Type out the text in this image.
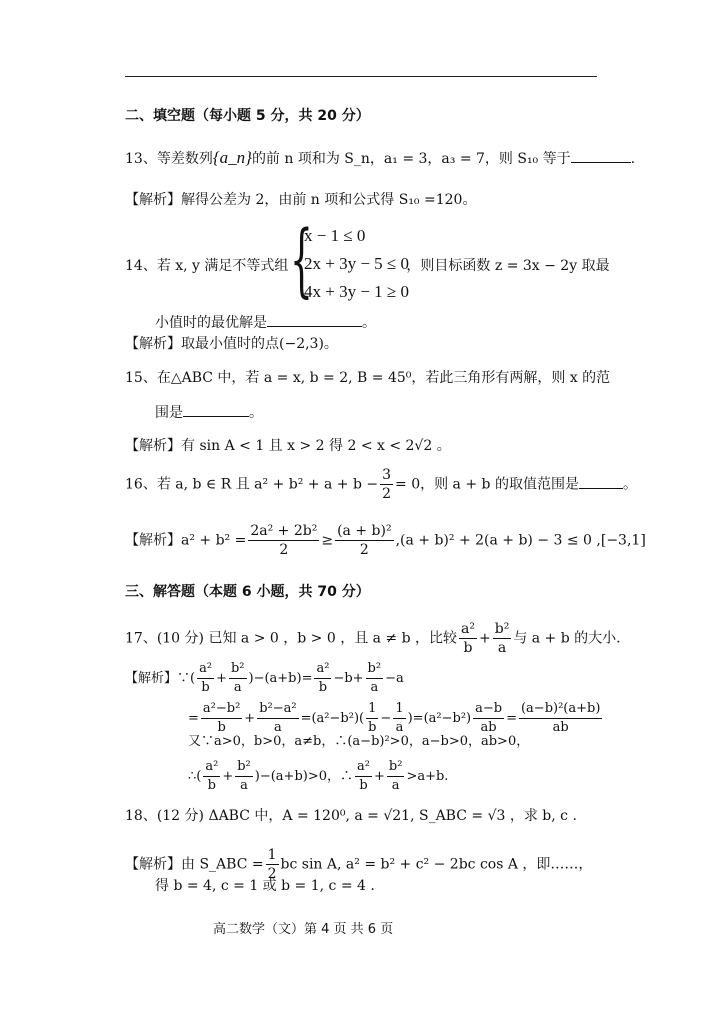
二、填空题（每小题 5 分，共 20 分）
13、等差数列{a_n}的前 n 项和为 S_n，a₁ = 3，a₃ = 7，则 S₁₀ 等于	.
【解析】解得公差为 2，由前 n 项和公式得 S₁₀ =120。
14、若 x, y 满足不等式组	，则目标函数 z = 3x − 2y 取最
{
x − 1 ≤ 0
2x + 3y − 5 ≤ 0
4x + 3y − 1 ≥ 0
小值时的最优解是	。
【解析】取最小值时的点(−2,3)。
15、在△ABC 中，若 a = x, b = 2, B = 45⁰，若此三角形有两解，则 x 的范
围是	。
【解析】有 sin A < 1 且 x > 2 得 2 < x < 2√2 。
16、若 a, b ∈ R 且 $a^2 + b^2 + a + b - \frac{3}{2} = 0$，则 a + b 的取值范围是	。
【解析】$a^2 + b^2 = \frac{\text{2a² + 2b²}}{2} \ge \frac{\text{(a + b)²}}{2} ,(a + b)^2 + 2(a + b) - 3 \le 0$ ,[−3,1]
三、解答题（本题 6 小题，共 70 分）
17、(10 分) 已知 a > 0 ，b > 0 ，且 a ≠ b ，比较 $\frac{\text{a²}}{b} + \frac{\text{b²}}{a}$ 与 a + b 的大小.
【解析】∵( $\frac{\text{a²}}{b} + \frac{\text{b²}}{a} )-(a+b)= \frac{\text{a²}}{b} -b+ \frac{\text{b²}}{a} -a$
= $\frac{\text{a²−b²}}{b} + \frac{\text{b²−a²}}{a} =(a^2-b^2)( \frac{1}{b} - \frac{1}{a} )=(a^2-b^2) \frac{a-b}{ab} = \frac{\text{(a−b)²(a+b)}}{ab}$
又∵a>0，b>0，a≠b，∴(a−b)²>0，a−b>0，ab>0，
∴( $\frac{\text{a²}}{b} + \frac{\text{b²}}{a} )-(a+b)>0$，∴ $\frac{\text{a²}}{b} + \frac{\text{b²}}{a} >a+b$.
18、(12 分) ΔABC 中，A = 120⁰, a = √21, S_ABC = √3 ，求 b, c .
【解析】由 S_ABC = $\frac{1}{2}$ bc sin A, a² = b² + c² − 2bc cos A ，即……，
得 b = 4, c = 1 或 b = 1, c = 4 .
高二数学（文）第 4 页 共 6 页
